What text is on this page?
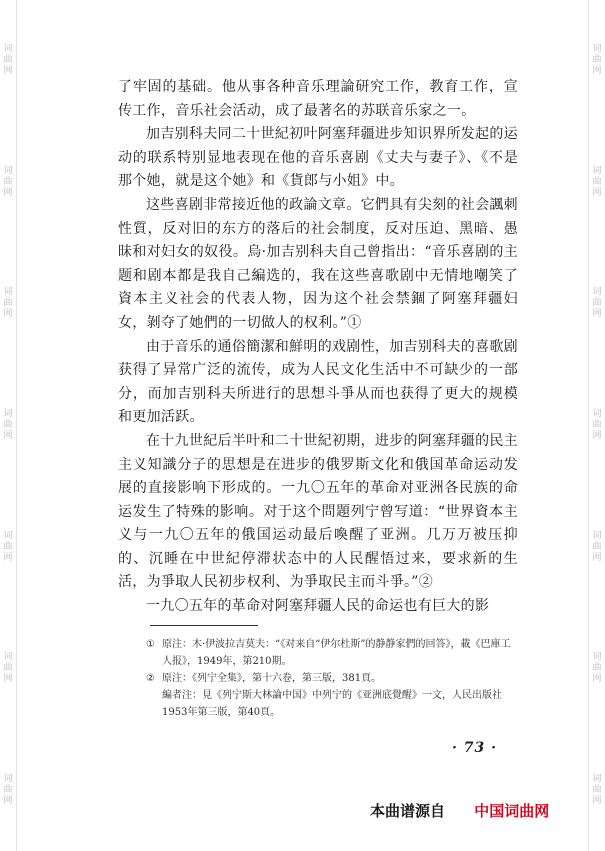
词
曲
网
词
曲
网
词
曲
网
词
曲
网
词
曲
网
词
曲
网
词
曲
网
词
曲
网
词
曲
网
词
曲
网
词
曲
网
词
曲
网
词
曲
网
词
曲
网

了牢固的基础。他从事各种音乐理論研究工作，教育工作，宣传工作，音乐社会活动，成了最著名的苏联音乐家之一。

加吉别科夫同二十世紀初叶阿塞拜疆进步知识界所发起的运动的联系特别显地表现在他的音乐喜剧《丈夫与妻子》、《不是那个她，就是这个她》和《貨郎与小姐》中。

这些喜剧非常接近他的政論文章。它們具有尖刻的社会諷刺性質，反对旧的东方的落后的社会制度，反对压迫、黑暗、愚昧和对妇女的奴役。烏·加吉别科夫自己曾指出：“音乐喜剧的主题和剧本都是我自己編选的，我在这些喜歌剧中无情地嘲笑了資本主义社会的代表人物，因为这个社会禁錮了阿塞拜疆妇女，剝夺了她們的一切做人的权利。”①

由于音乐的通俗簡潔和鮮明的戏剧性，加吉别科夫的喜歌剧获得了异常广泛的流传，成为人民文化生活中不可缺少的一部分，而加吉别科夫所进行的思想斗爭从而也获得了更大的规模和更加活跃。

在十九世紀后半叶和二十世紀初期，进步的阿塞拜疆的民主主义知識分子的思想是在进步的俄罗斯文化和俄国革命运动发展的直接影响下形成的。一九〇五年的革命对亚洲各民族的命运发生了特殊的影响。对于这个問題列宁曾写道：“世界資本主义与一九〇五年的俄国运动最后喚醒了亚洲。几万万被压抑的、沉睡在中世紀停滞状态中的人民醒悟过来，要求新的生活，为爭取人民初步权利、为爭取民主而斗爭。”②

一九〇五年的革命对阿塞拜疆人民的命运也有巨大的影

① 原注：木·伊波拉吉莫夫：“《对来自“伊尔杜斯”的静静家們的回答》，載《巴庫工人报》，1949年，第210期。
② 原注：《列宁全集》，第十六卷，第三版，381頁。
編者注：見《列宁斯大林論中国》中列宁的《亚洲底覺醒》一文，人民出版社1953年第三版，第40頁。
· 73 ·
本曲谱源自 中国词曲网
